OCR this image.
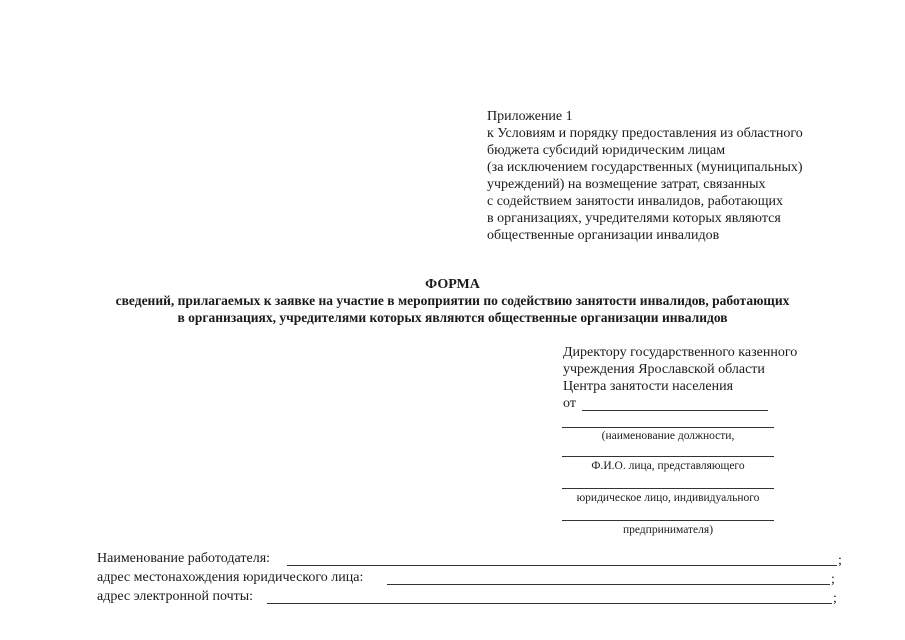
Приложение 1
к Условиям и порядку предоставления из областного
бюджета субсидий юридическим лицам
(за исключением государственных (муниципальных)
учреждений) на возмещение затрат, связанных
с содействием занятости инвалидов, работающих
в организациях, учредителями которых являются
общественные организации инвалидов
ФОРМА
сведений, прилагаемых к заявке на участие в мероприятии по содействию занятости инвалидов, работающих
в организациях, учредителями которых являются общественные организации инвалидов
Директору государственного казенного
учреждения Ярославской области
Центра занятости населения
от
(наименование должности,
Ф.И.О. лица, представляющего
юридическое лицо, индивидуального
предпринимателя)
Наименование работодателя:	;
адрес местонахождения юридического лица:	;
адрес электронной почты:	;
